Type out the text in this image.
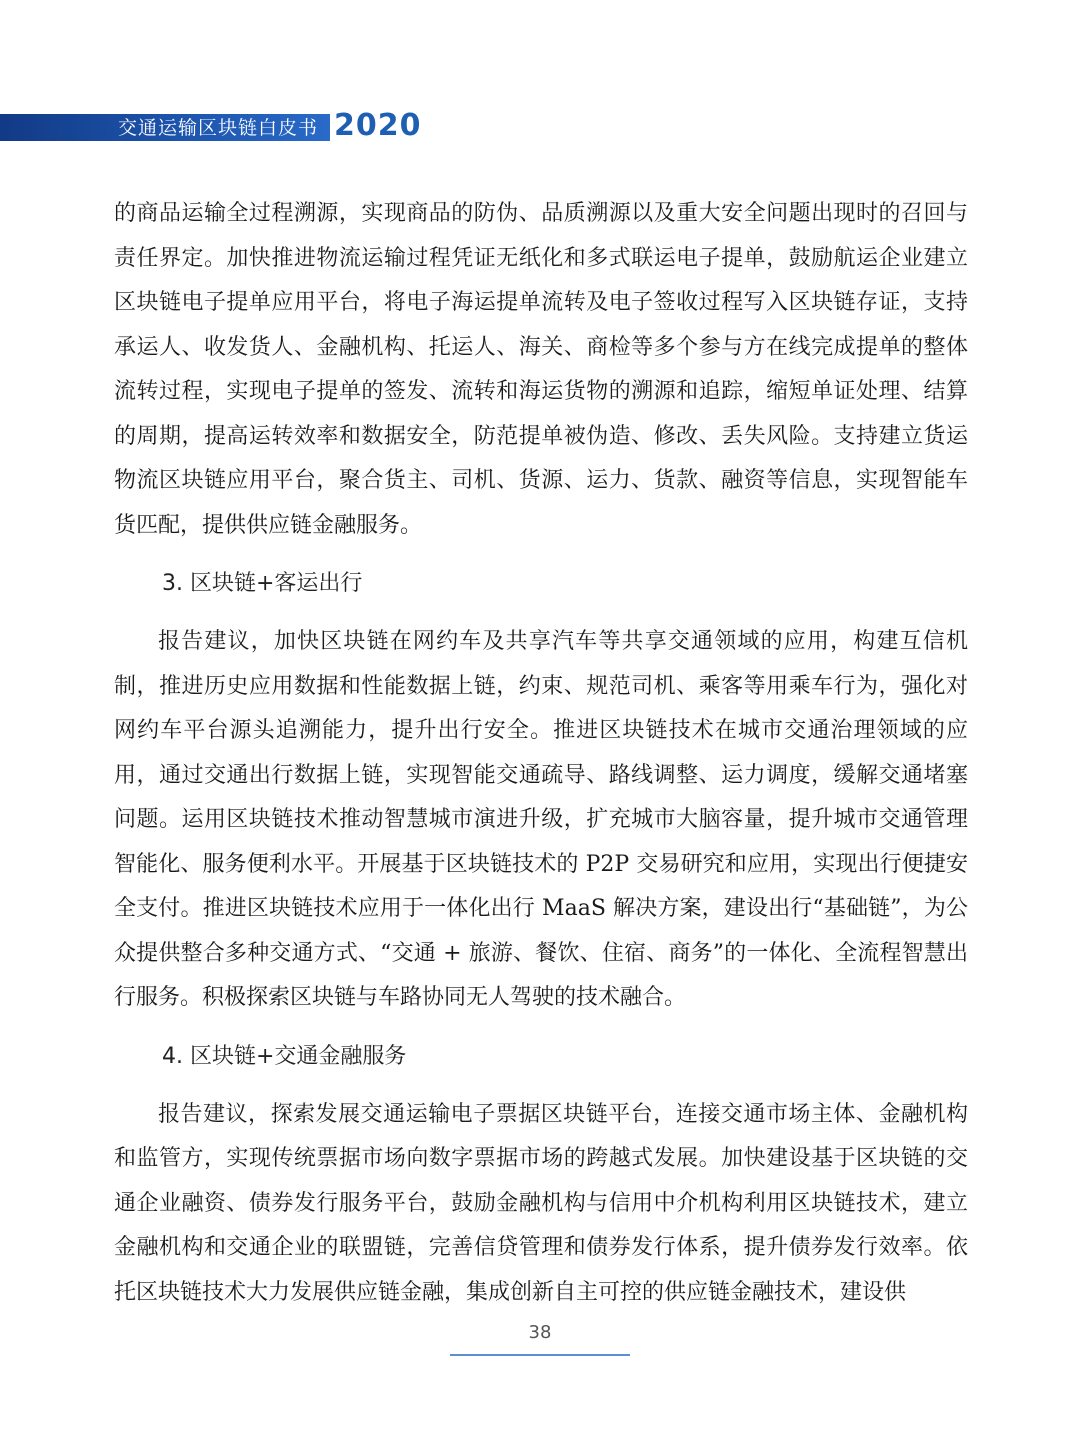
交通运输区块链白皮书 2020

的商品运输全过程溯源，实现商品的防伪、品质溯源以及重大安全问题出现时的召回与责任界定。加快推进物流运输过程凭证无纸化和多式联运电子提单，鼓励航运企业建立区块链电子提单应用平台，将电子海运提单流转及电子签收过程写入区块链存证，支持承运人、收发货人、金融机构、托运人、海关、商检等多个参与方在线完成提单的整体流转过程，实现电子提单的签发、流转和海运货物的溯源和追踪，缩短单证处理、结算的周期，提高运转效率和数据安全，防范提单被伪造、修改、丢失风险。支持建立货运物流区块链应用平台，聚合货主、司机、货源、运力、货款、融资等信息，实现智能车货匹配，提供供应链金融服务。

3. 区块链+客运出行

报告建议，加快区块链在网约车及共享汽车等共享交通领域的应用，构建互信机制，推进历史应用数据和性能数据上链，约束、规范司机、乘客等用乘车行为，强化对网约车平台源头追溯能力，提升出行安全。推进区块链技术在城市交通治理领域的应用，通过交通出行数据上链，实现智能交通疏导、路线调整、运力调度，缓解交通堵塞问题。运用区块链技术推动智慧城市演进升级，扩充城市大脑容量，提升城市交通管理智能化、服务便利水平。开展基于区块链技术的 P2P 交易研究和应用，实现出行便捷安全支付。推进区块链技术应用于一体化出行 MaaS 解决方案，建设出行“基础链”，为公众提供整合多种交通方式、“交通 + 旅游、餐饮、住宿、商务”的一体化、全流程智慧出行服务。积极探索区块链与车路协同无人驾驶的技术融合。

4. 区块链+交通金融服务

报告建议，探索发展交通运输电子票据区块链平台，连接交通市场主体、金融机构和监管方，实现传统票据市场向数字票据市场的跨越式发展。加快建设基于区块链的交通企业融资、债券发行服务平台，鼓励金融机构与信用中介机构利用区块链技术，建立金融机构和交通企业的联盟链，完善信贷管理和债券发行体系，提升债券发行效率。依托区块链技术大力发展供应链金融，集成创新自主可控的供应链金融技术，建设供

38
